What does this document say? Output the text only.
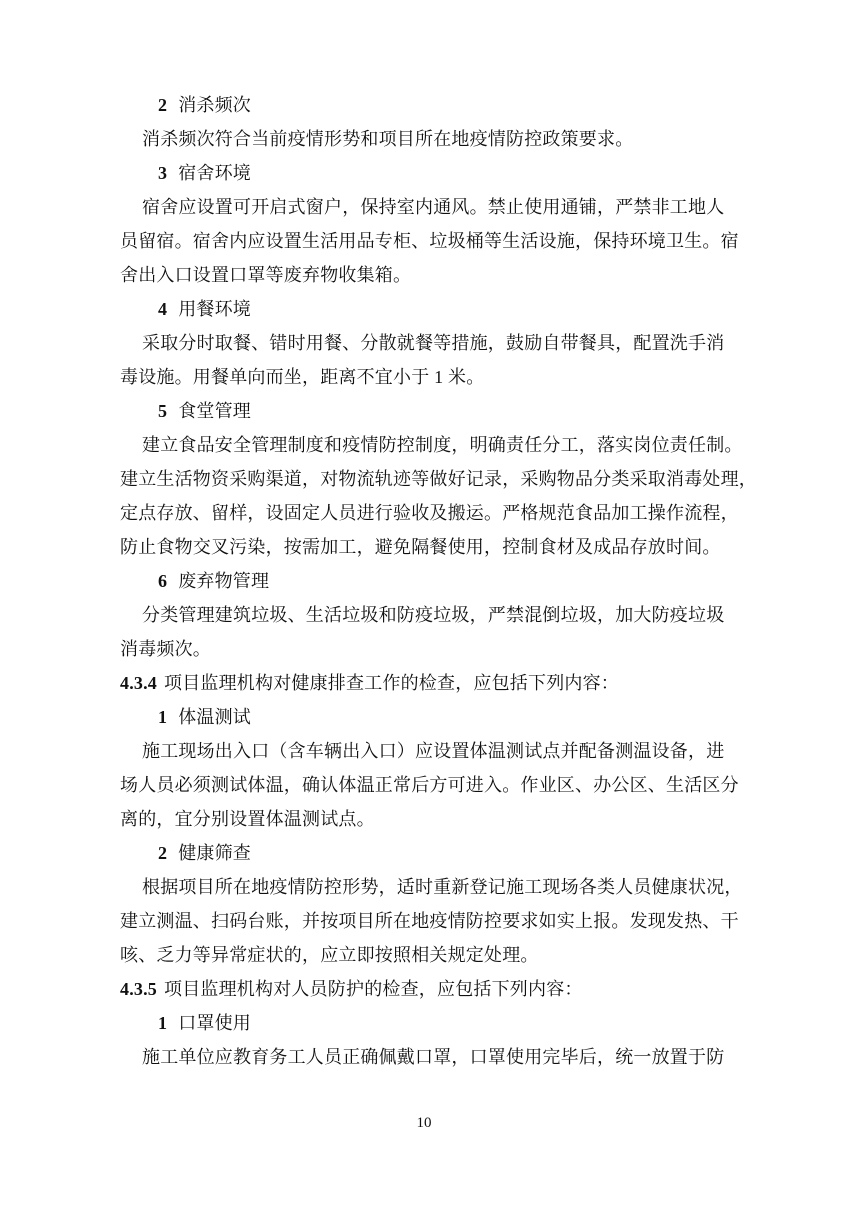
2 消杀频次
消杀频次符合当前疫情形势和项目所在地疫情防控政策要求。
3 宿舍环境
宿舍应设置可开启式窗户，保持室内通风。禁止使用通铺，严禁非工地人
员留宿。宿舍内应设置生活用品专柜、垃圾桶等生活设施，保持环境卫生。宿
舍出入口设置口罩等废弃物收集箱。
4 用餐环境
采取分时取餐、错时用餐、分散就餐等措施，鼓励自带餐具，配置洗手消
毒设施。用餐单向而坐，距离不宜小于 1 米。
5 食堂管理
建立食品安全管理制度和疫情防控制度，明确责任分工，落实岗位责任制。
建立生活物资采购渠道，对物流轨迹等做好记录，采购物品分类采取消毒处理，
定点存放、留样，设固定人员进行验收及搬运。严格规范食品加工操作流程，
防止食物交叉污染，按需加工，避免隔餐使用，控制食材及成品存放时间。
6 废弃物管理
分类管理建筑垃圾、生活垃圾和防疫垃圾，严禁混倒垃圾，加大防疫垃圾
消毒频次。
4.3.4 项目监理机构对健康排查工作的检查，应包括下列内容：
1 体温测试
施工现场出入口（含车辆出入口）应设置体温测试点并配备测温设备，进
场人员必须测试体温，确认体温正常后方可进入。作业区、办公区、生活区分
离的，宜分别设置体温测试点。
2 健康筛查
根据项目所在地疫情防控形势，适时重新登记施工现场各类人员健康状况，
建立测温、扫码台账，并按项目所在地疫情防控要求如实上报。发现发热、干
咳、乏力等异常症状的，应立即按照相关规定处理。
4.3.5 项目监理机构对人员防护的检查，应包括下列内容：
1 口罩使用
施工单位应教育务工人员正确佩戴口罩，口罩使用完毕后，统一放置于防
10
